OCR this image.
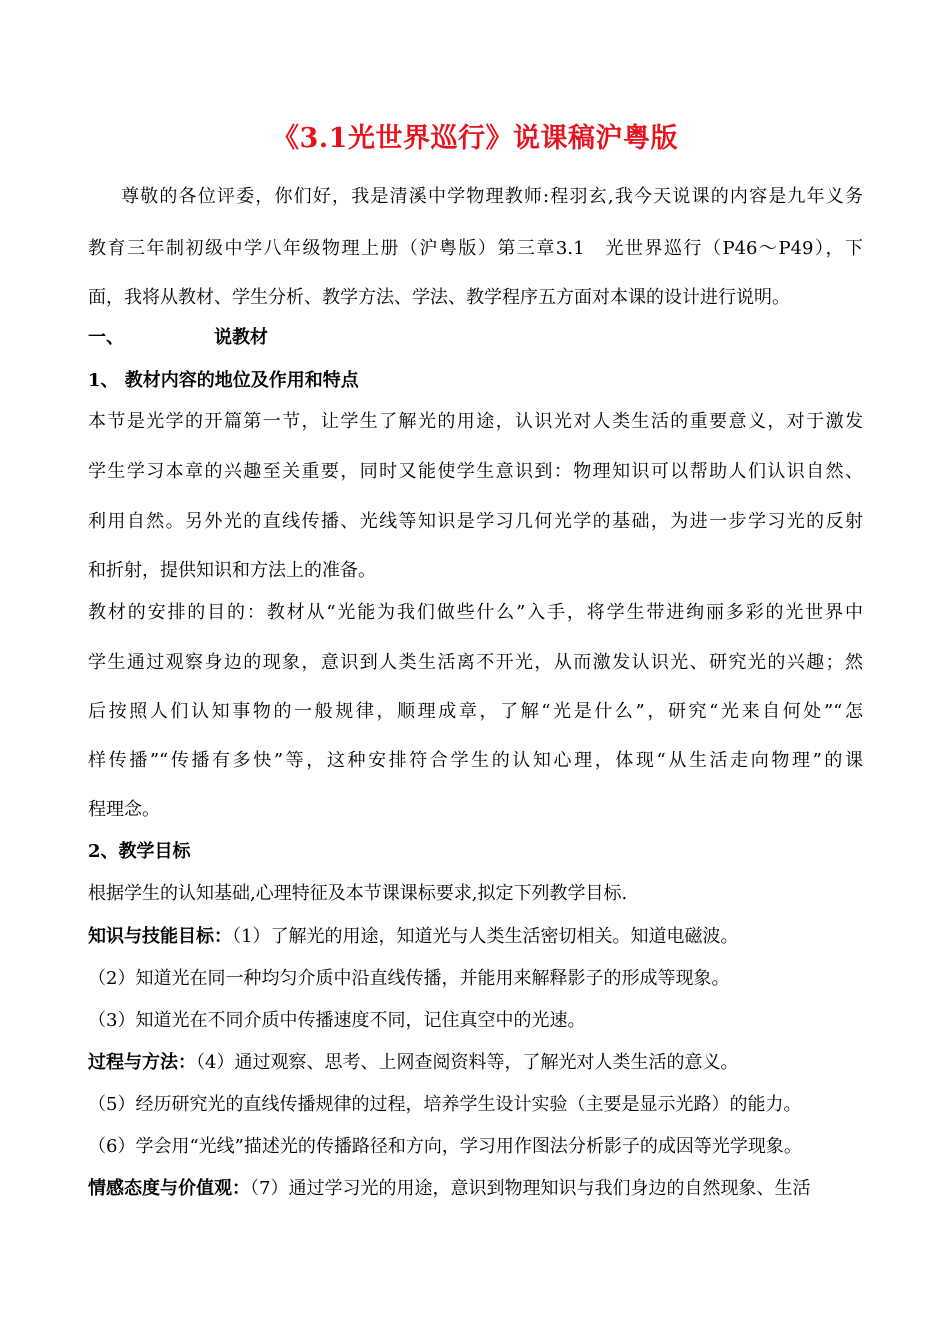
《3.1光世界巡行》说课稿沪粤版
尊敬的各位评委，你们好，我是清溪中学物理教师:程羽玄,我今天说课的内容是九年义务
教育三年制初级中学八年级物理上册（沪粤版）第三章3.1　光世界巡行（P46～P49），下
面，我将从教材、学生分析、教学方法、学法、教学程序五方面对本课的设计进行说明。
一、	说教材
1、 教材内容的地位及作用和特点
本节是光学的开篇第一节，让学生了解光的用途，认识光对人类生活的重要意义，对于激发
学生学习本章的兴趣至关重要，同时又能使学生意识到：物理知识可以帮助人们认识自然、
利用自然。另外光的直线传播、光线等知识是学习几何光学的基础，为进一步学习光的反射
和折射，提供知识和方法上的准备。
教材的安排的目的：教材从“光能为我们做些什么”入手，将学生带进绚丽多彩的光世界中
学生通过观察身边的现象，意识到人类生活离不开光，从而激发认识光、研究光的兴趣；然
后按照人们认知事物的一般规律，顺理成章，了解“光是什么”，研究“光来自何处”“怎
样传播”“传播有多快”等，这种安排符合学生的认知心理，体现“从生活走向物理”的课
程理念。
2、教学目标
根据学生的认知基础,心理特征及本节课课标要求,拟定下列教学目标.
知识与技能目标：（1）了解光的用途，知道光与人类生活密切相关。知道电磁波。
（2）知道光在同一种均匀介质中沿直线传播，并能用来解释影子的形成等现象。
（3）知道光在不同介质中传播速度不同，记住真空中的光速。
过程与方法：（4）通过观察、思考、上网查阅资料等，了解光对人类生活的意义。
（5）经历研究光的直线传播规律的过程，培养学生设计实验（主要是显示光路）的能力。
（6）学会用“光线”描述光的传播路径和方向，学习用作图法分析影子的成因等光学现象。
情感态度与价值观：（7）通过学习光的用途，意识到物理知识与我们身边的自然现象、生活
